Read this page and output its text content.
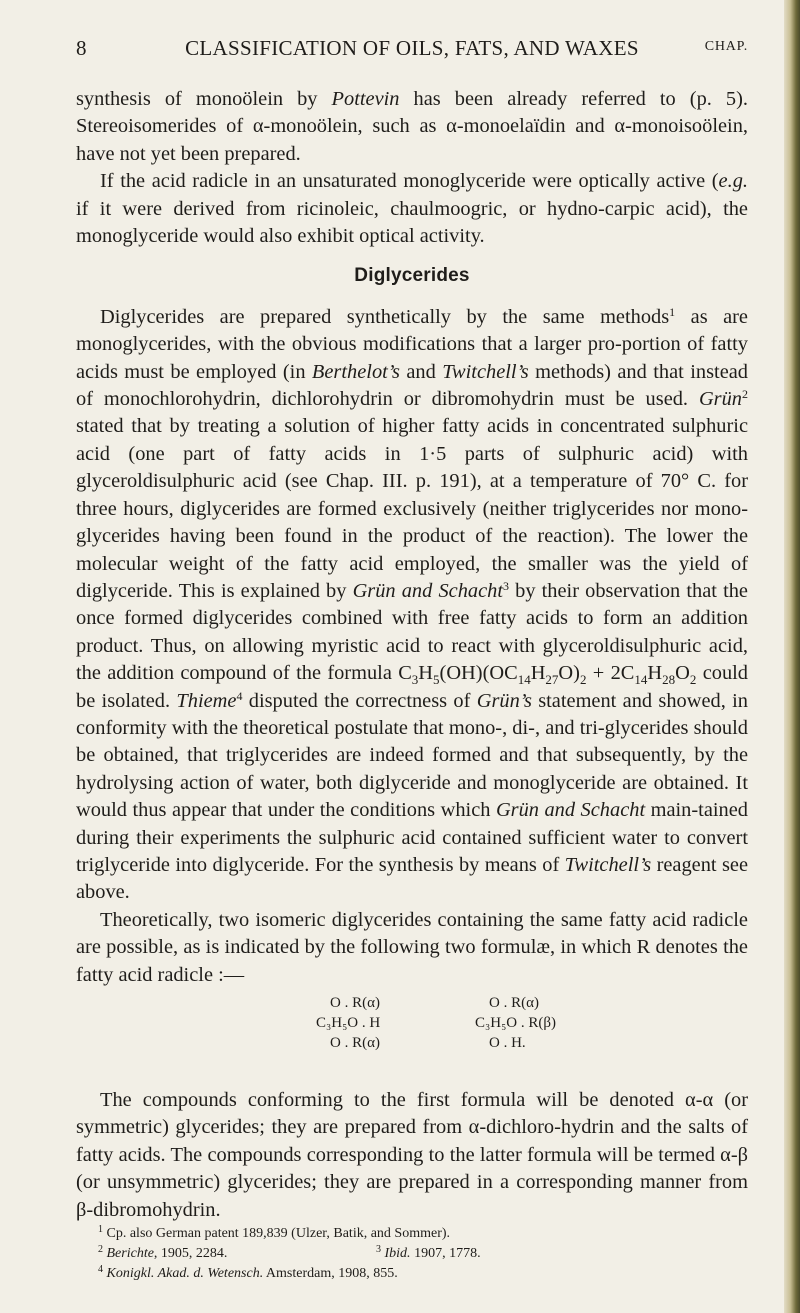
8	CLASSIFICATION OF OILS, FATS, AND WAXES	CHAP.

synthesis of monoölein by Pottevin has been already referred to (p. 5). Stereoisomerides of α-monoölein, such as α-monoelaïdin and α-monoisoölein, have not yet been prepared.

If the acid radicle in an unsaturated monoglyceride were optically active (e.g. if it were derived from ricinoleic, chaulmoogric, or hydno-carpic acid), the monoglyceride would also exhibit optical activity.

Diglycerides

Diglycerides are prepared synthetically by the same methods$^1$ as are monoglycerides, with the obvious modifications that a larger pro-portion of fatty acids must be employed (in Berthelot’s and Twitchell’s methods) and that instead of monochlorohydrin, dichlorohydrin or dibromohydrin must be used. Grün$^2$ stated that by treating a solution of higher fatty acids in concentrated sulphuric acid (one part of fatty acids in 1·5 parts of sulphuric acid) with glyceroldisulphuric acid (see Chap. III. p. 191), at a temperature of 70° C. for three hours, diglycerides are formed exclusively (neither triglycerides nor mono-glycerides having been found in the product of the reaction). The lower the molecular weight of the fatty acid employed, the smaller was the yield of diglyceride. This is explained by Grün and Schacht$^3$ by their observation that the once formed diglycerides combined with free fatty acids to form an addition product. Thus, on allowing myristic acid to react with glyceroldisulphuric acid, the addition compound of the formula $C_3H_5(OH)(OC_{14}H_{27}O)_2 + 2C_{14}H_{28}O_2$ could be isolated. Thieme$^4$ disputed the correctness of Grün’s statement and showed, in conformity with the theoretical postulate that mono-, di-, and tri-glycerides should be obtained, that triglycerides are indeed formed and that subsequently, by the hydrolysing action of water, both diglyceride and monoglyceride are obtained. It would thus appear that under the conditions which Grün and Schacht main-tained during their experiments the sulphuric acid contained sufficient water to convert triglyceride into diglyceride. For the synthesis by means of Twitchell’s reagent see above.

Theoretically, two isomeric diglycerides containing the same fatty acid radicle are possible, as is indicated by the following two formulæ, in which R denotes the fatty acid radicle :—

O . R(α)
C₃H₅O . H
O . R(α)
O . R(α)
C₃H₅O . R(β)
O . H.

The compounds conforming to the first formula will be denoted α-α (or symmetric) glycerides; they are prepared from α-dichloro-hydrin and the salts of fatty acids. The compounds corresponding to the latter formula will be termed α-β (or unsymmetric) glycerides; they are prepared in a corresponding manner from β-dibromohydrin.

$^1$ Cp. also German patent 189,839 (Ulzer, Batik, and Sommer).
$^2$ Berichte, 1905, 2284.	$^3$ Ibid. 1907, 1778.
$^4$ Konigkl. Akad. d. Wetensch. Amsterdam, 1908, 855.
